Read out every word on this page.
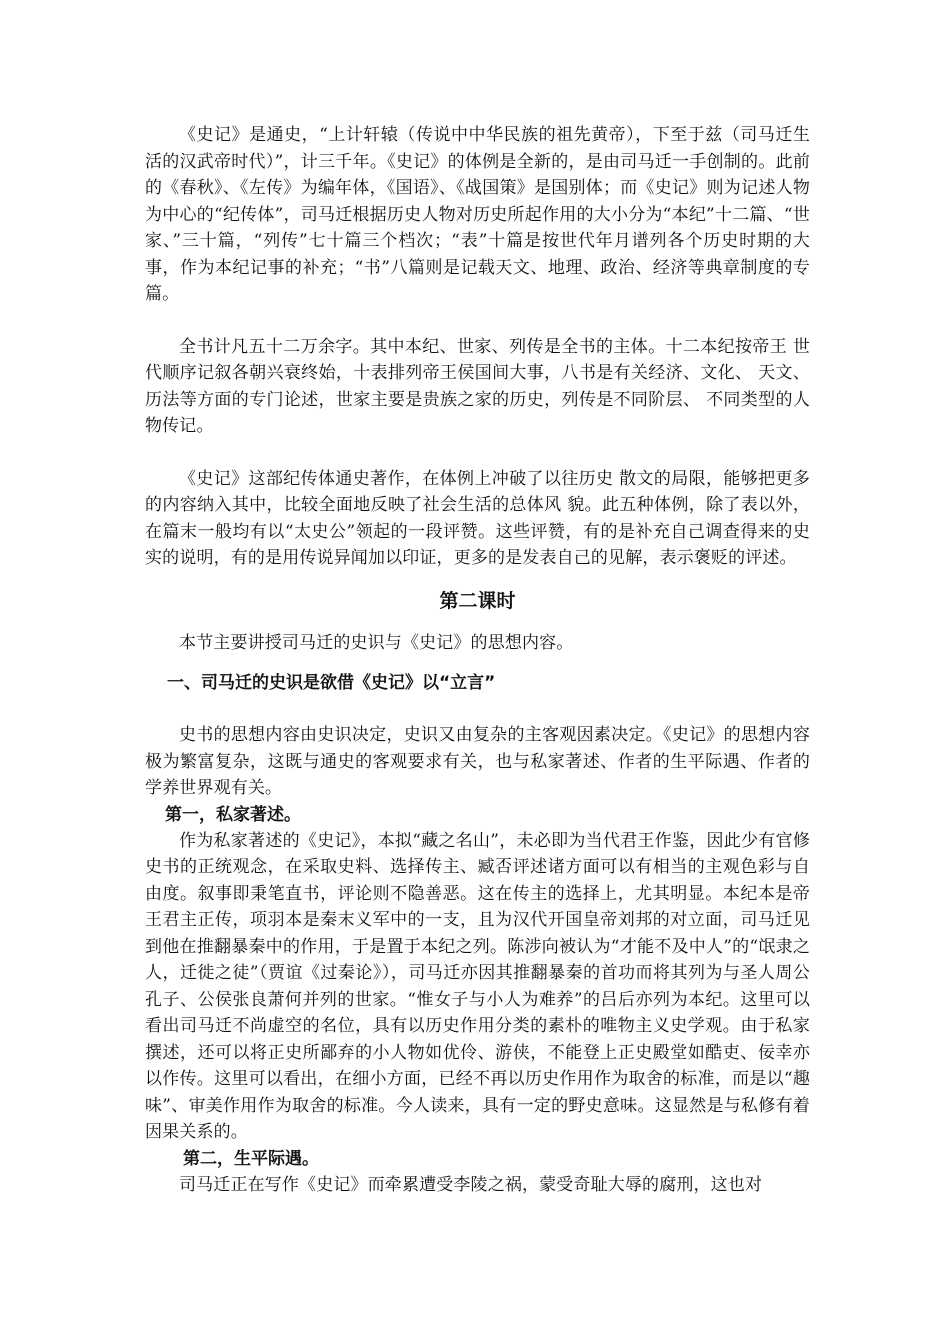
《史记》是通史，“上计轩辕（传说中中华民族的祖先黄帝），下至于兹（司马迁生活的汉武帝时代）”，计三千年。《史记》的体例是全新的，是由司马迁一手创制的。此前的《春秋》、《左传》为编年体，《国语》、《战国策》是国别体；而《史记》则为记述人物为中心的“纪传体”，司马迁根据历史人物对历史所起作用的大小分为“本纪”十二篇、“世家、”三十篇，“列传”七十篇三个档次；“表”十篇是按世代年月谱列各个历史时期的大事，作为本纪记事的补充；“书”八篇则是记载天文、地理、政治、经济等典章制度的专篇。

全书计凡五十二万余字。其中本纪、世家、列传是全书的主体。十二本纪按帝王 世代顺序记叙各朝兴衰终始，十表排列帝王侯国间大事，八书是有关经济、文化、 天文、历法等方面的专门论述，世家主要是贵族之家的历史，列传是不同阶层、 不同类型的人物传记。

《史记》这部纪传体通史著作，在体例上冲破了以往历史 散文的局限，能够把更多的内容纳入其中，比较全面地反映了社会生活的总体风 貌。此五种体例，除了表以外，在篇末一般均有以“太史公”领起的一段评赞。这些评赞，有的是补充自己调查得来的史实的说明，有的是用传说异闻加以印证，更多的是发表自己的见解，表示褒贬的评述。

第二课时

本节主要讲授司马迁的史识与《史记》的思想内容。

一、司马迁的史识是欲借《史记》以“立言”

史书的思想内容由史识决定，史识又由复杂的主客观因素决定。《史记》的思想内容极为繁富复杂，这既与通史的客观要求有关，也与私家著述、作者的生平际遇、作者的学养世界观有关。

第一，私家著述。

作为私家著述的《史记》，本拟“藏之名山”，未必即为当代君王作鉴，因此少有官修史书的正统观念，在采取史料、选择传主、臧否评述诸方面可以有相当的主观色彩与自由度。叙事即秉笔直书，评论则不隐善恶。这在传主的选择上，尤其明显。本纪本是帝王君主正传，项羽本是秦末义军中的一支，且为汉代开国皇帝刘邦的对立面，司马迁见到他在推翻暴秦中的作用，于是置于本纪之列。陈涉向被认为“才能不及中人”的“氓隶之人，迁徙之徒”（贾谊《过秦论》），司马迁亦因其推翻暴秦的首功而将其列为与圣人周公孔子、公侯张良萧何并列的世家。“惟女子与小人为难养”的吕后亦列为本纪。这里可以看出司马迁不尚虚空的名位，具有以历史作用分类的素朴的唯物主义史学观。由于私家撰述，还可以将正史所鄙弃的小人物如优伶、游侠，不能登上正史殿堂如酷吏、佞幸亦以作传。这里可以看出，在细小方面，已经不再以历史作用作为取舍的标准，而是以“趣味”、审美作用作为取舍的标准。今人读来，具有一定的野史意味。这显然是与私修有着因果关系的。

第二，生平际遇。

司马迁正在写作《史记》而牵累遭受李陵之祸，蒙受奇耻大辱的腐刑，这也对
